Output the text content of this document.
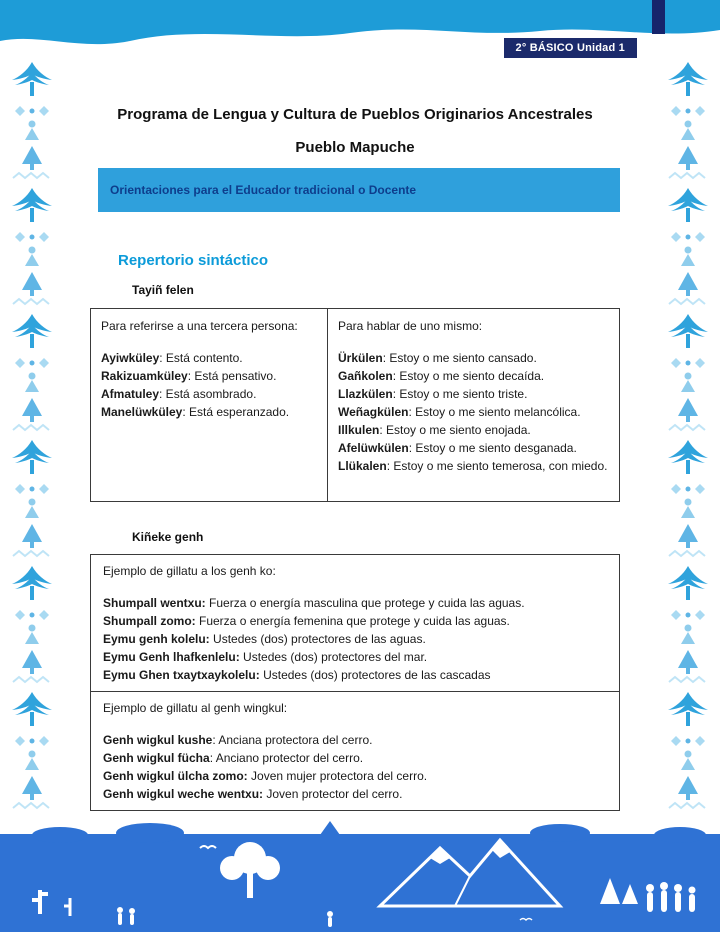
2° BÁSICO Unidad 1
Programa de Lengua y Cultura de Pueblos Originarios Ancestrales
Pueblo Mapuche
Orientaciones para el Educador tradicional o Docente
Repertorio sintáctico
Tayiñ felen
Para referirse a una tercera persona:
Ayiwküley: Está contento.
Rakizuamküley: Está pensativo.
Afmatuley: Está asombrado.
Manelüwküley: Está esperanzado.
Para hablar de uno mismo:
Ürkülen: Estoy o me siento cansado.
Gañkolen: Estoy o me siento decaída.
Llazkülen: Estoy o me siento triste.
Weñagkülen: Estoy o me siento melancólica.
Illkulen: Estoy o me siento enojada.
Afelüwkülen: Estoy o me siento desganada.
Llükalen: Estoy o me siento temerosa, con miedo.
Kiñeke genh
Ejemplo de gillatu a los genh ko:
Shumpall wentxu: Fuerza o energía masculina que protege y cuida las aguas.
Shumpall zomo: Fuerza o energía femenina que protege y cuida las aguas.
Eymu genh kolelu: Ustedes (dos) protectores de las aguas.
Eymu Genh lhafkenlelu: Ustedes (dos) protectores del mar.
Eymu Ghen txaytxaykolelu: Ustedes (dos) protectores de las cascadas
Ejemplo de gillatu al genh wingkul:
Genh wigkul kushe: Anciana protectora del cerro.
Genh wigkul fücha: Anciano protector del cerro.
Genh wigkul ülcha zomo: Joven mujer protectora del cerro.
Genh wigkul weche wentxu: Joven protector del cerro.
